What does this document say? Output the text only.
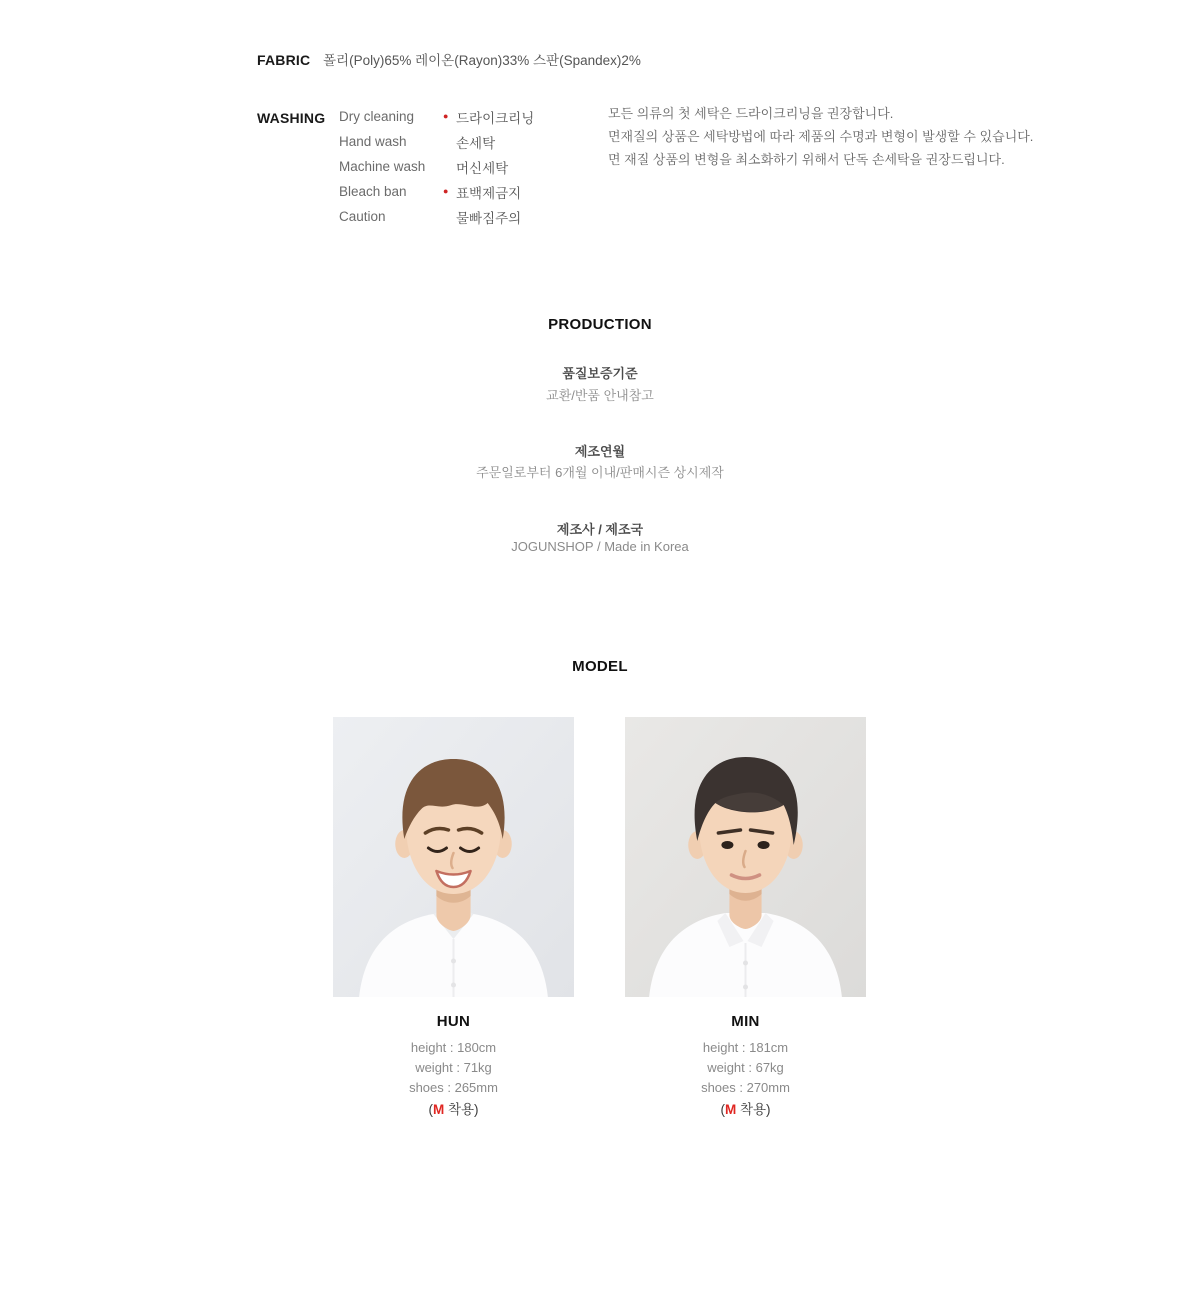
FABRIC 폴리(Poly)65% 레이온(Rayon)33% 스판(Spandex)2%
WASHING Dry cleaning	● 드라이크리닝
Hand wash	손세탁
Machine wash	머신세탁
Bleach ban	● 표백제금지
Caution	물빠짐주의
모든 의류의 첫 세탁은 드라이크리닝을 권장합니다.
면재질의 상품은 세탁방법에 따라 제품의 수명과 변형이 발생할 수 있습니다.
면 재질 상품의 변형을 최소화하기 위해서 단독 손세탁을 권장드립니다.
PRODUCTION
품질보증기준
교환/반품 안내참고
제조연월
주문일로부터 6개월 이내/판매시즌 상시제작
제조사 / 제조국
JOGUNSHOP / Made in Korea
MODEL
HUN
height : 180cm
weight : 71kg
shoes : 265mm
(M 착용)
MIN
height : 181cm
weight : 67kg
shoes : 270mm
(M 착용)
